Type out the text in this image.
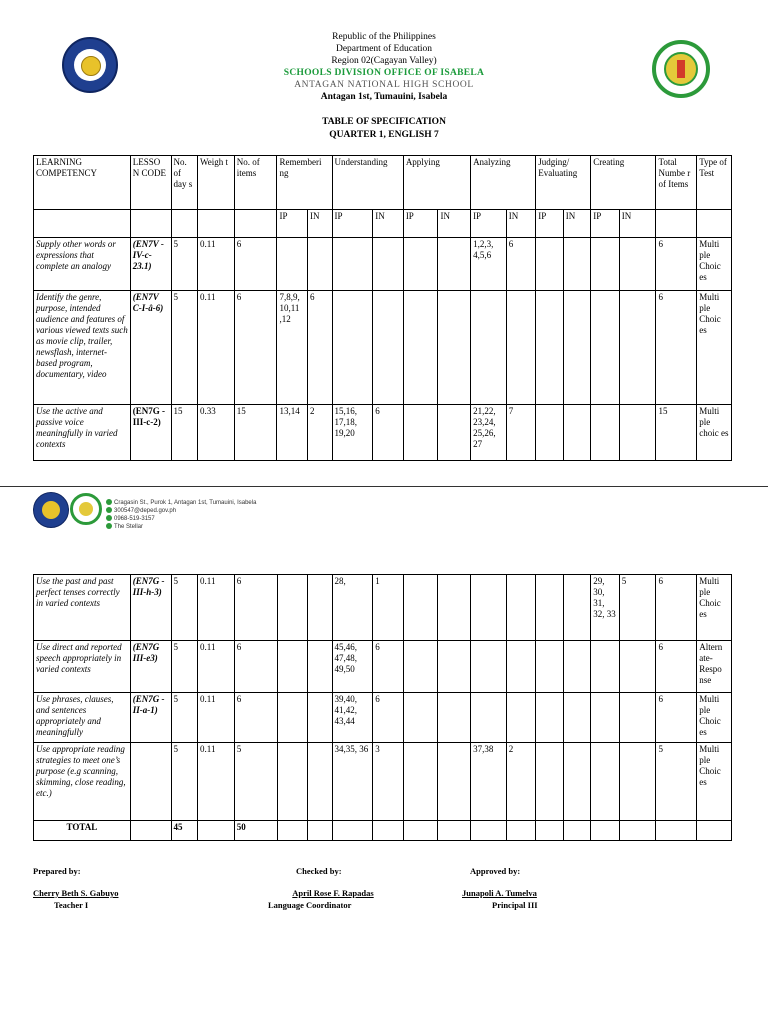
Republic of the Philippines
Department of Education
Region 02(Cagayan Valley)
SCHOOLS DIVISION OFFICE OF ISABELA
ANTAGAN NATIONAL HIGH SCHOOL
Antagan 1st, Tumauini, Isabela
TABLE OF SPECIFICATION
QUARTER 1, ENGLISH 7
LEARNING COMPETENCY	LESSO N CODE	No. of day s	Weigh t	No. of items	Rememberi ng		Understanding		Applying		Analyzing		Judging/ Evaluating		Creating		Total Numbe r of Items	Type of Test
					IP	IN	IP	IN	IP	IN	IP	IN	IP	IN	IP	IN		
Supply other words or expressions that complete an analogy	(EN7V -IV-c-23.1)	5	0.11	6							1,2,3, 4,5,6	6					6	Multi ple Choic es
Identify the genre, purpose, intended audience and features of various viewed texts such as movie clip, trailer, newsflash, internet-based program, documentary, video	(EN7V C-I-â-6)	5	0.11	6	7,8,9, 10,11 ,12	6											6	Multi ple Choic es
Use the active and passive voice meaningfully in varied contexts	(EN7G -III-c-2)	15	0.33	15	13,14	2	15,16, 17,18, 19,20	6			21,22, 23,24, 25,26, 27	7					15	Multi ple choic es
Cragasin St., Purok 1, Antagan 1st, Tumauini, Isabela
300547@deped.gov.ph
0968-519-3157
The Stellar
Use the past and past perfect tenses correctly in varied contexts	(EN7G -III-h-3)	5	0.11	6			28,	1							29, 30, 31, 32, 33	5	6	Multi ple Choic es
Use direct and reported speech appropriately in varied contexts	(EN7G III-e3)	5	0.11	6			45,46, 47,48, 49,50	6									6	Altern ate-Respo nse
Use phrases, clauses, and sentences appropriately and meaningfully	(EN7G -II-a-1)	5	0.11	6			39,40, 41,42, 43,44	6									6	Multi ple Choic es
Use appropriate reading strategies to meet one’s purpose (e.g scanning, skimming, close reading, etc.)		5	0.11	5			34,35, 36	3			37,38	2					5	Multi ple Choic es
TOTAL		45		50														
Prepared by:	Checked by:	Approved by:
Cherry Beth S. Gabuyo
Teacher I
April Rose F. Rapadas
Language Coordinator
Junapoli A. Tumelva
Principal III
